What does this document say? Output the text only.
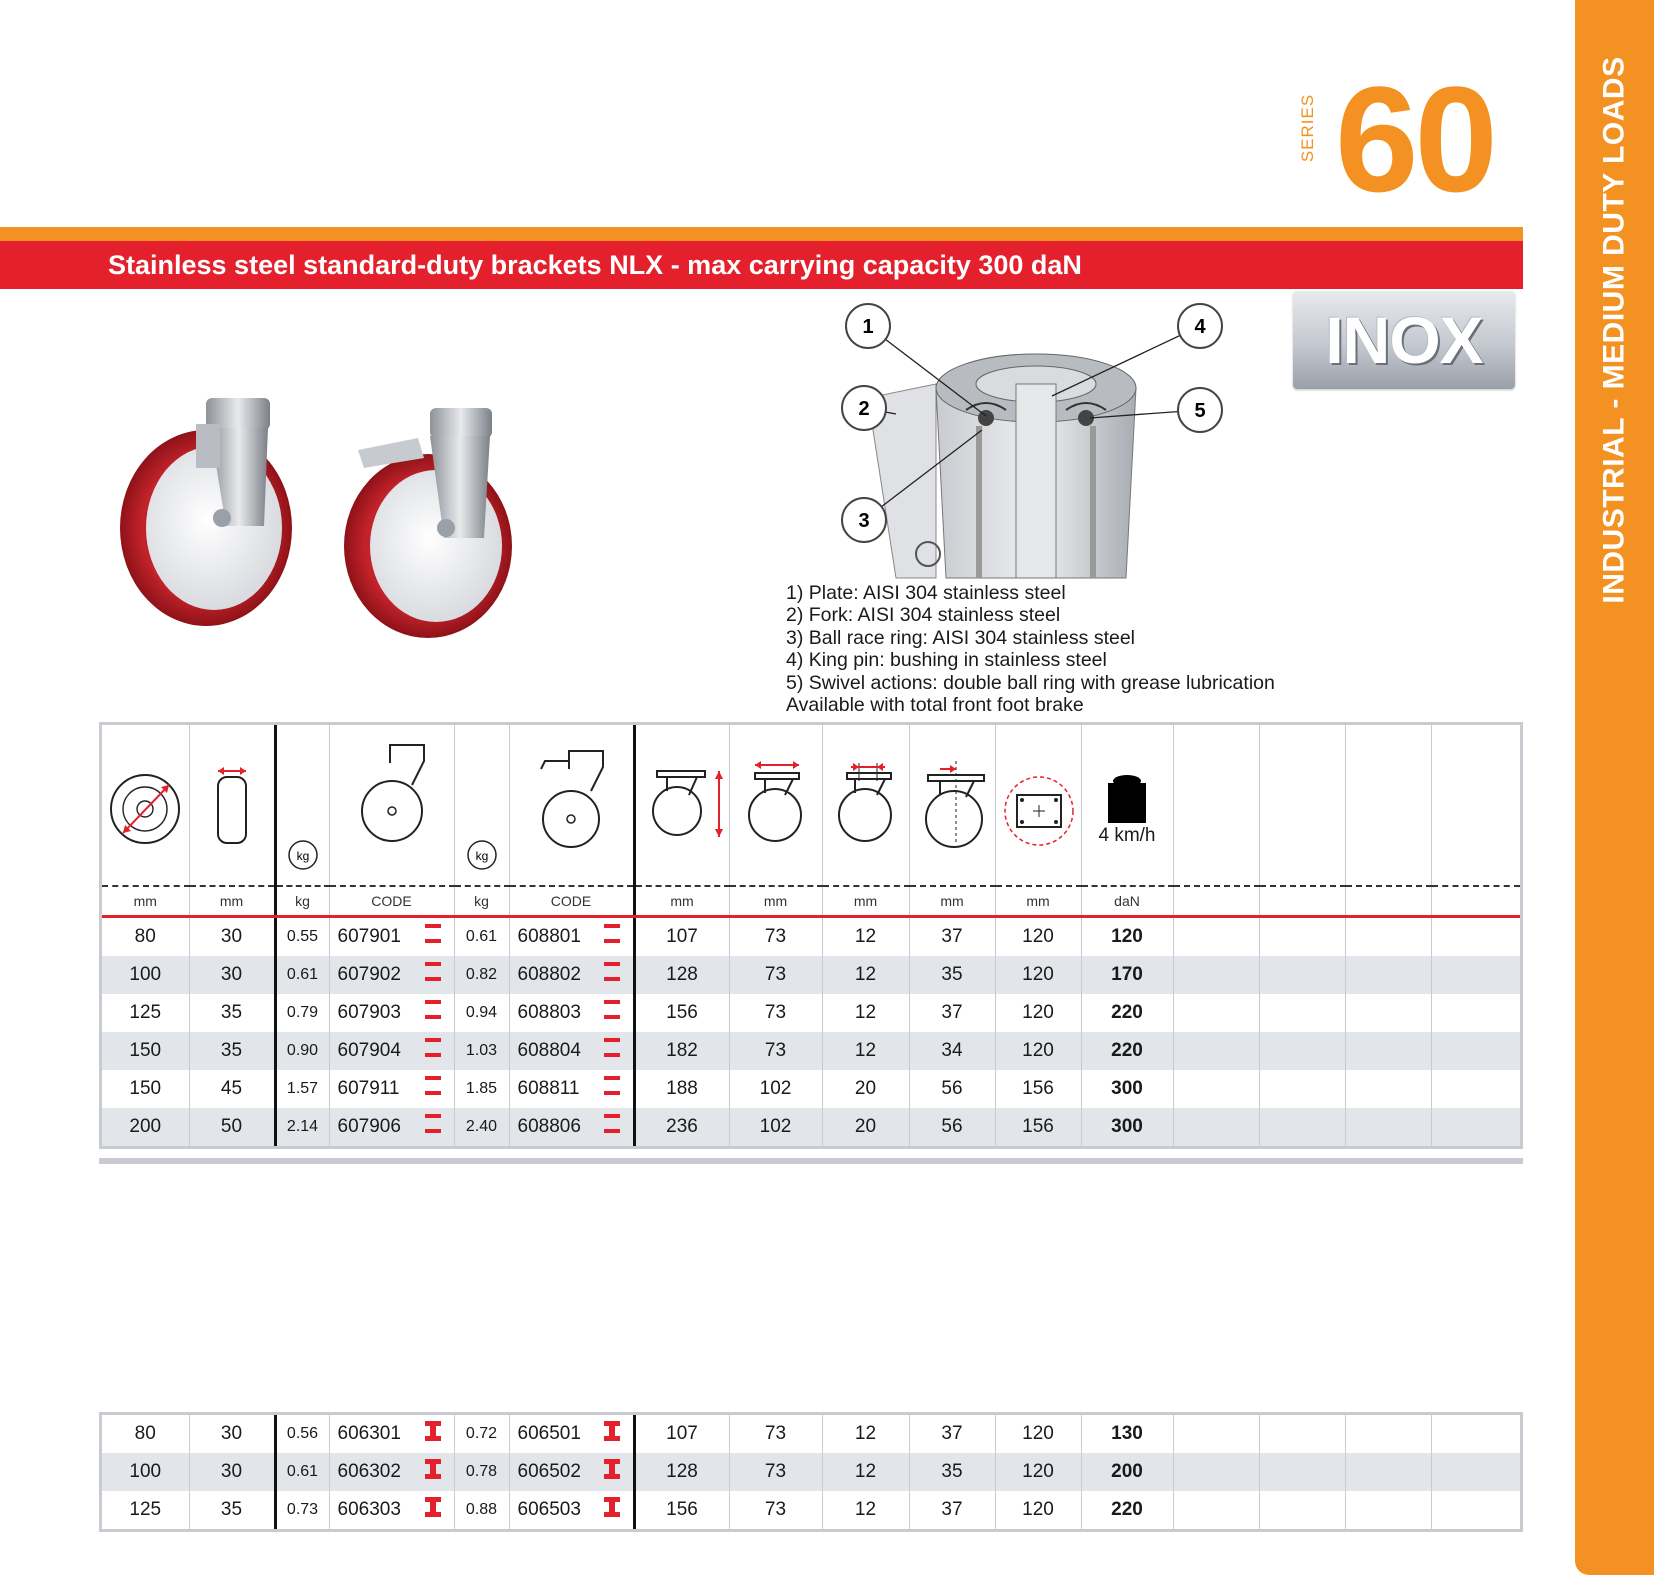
INDUSTRIAL - MEDIUM DUTY LOADS
SERIES 60
Stainless steel standard-duty brackets NLX - max carrying capacity 300 daN
INOX
1
2
3
4
5
1) Plate: AISI 304 stainless steel
2) Fork: AISI 304 stainless steel
3) Ball race ring: AISI 304 stainless steel
4) King pin: bushing in stainless steel
5) Swivel actions: double ball ring with grease lubrication
Available with total front foot brake

kg		kg							4 km/h				

mm	mm	kg	CODE	kg	CODE	mm	mm	mm	mm	mm	daN				
80	30	0.55	607901	0.61	608801	107	73	12	37	120	120				
100	30	0.61	607902	0.82	608802	128	73	12	35	120	170				
125	35	0.79	607903	0.94	608803	156	73	12	37	120	220				
150	35	0.90	607904	1.03	608804	182	73	12	34	120	220				
150	45	1.57	607911	1.85	608811	188	102	20	56	156	300				
200	50	2.14	607906	2.40	608806	236	102	20	56	156	300				
80	30	0.56	606301	0.72	606501	107	73	12	37	120	130				
100	30	0.61	606302	0.78	606502	128	73	12	35	120	200				
125	35	0.73	606303	0.88	606503	156	73	12	37	120	220				
